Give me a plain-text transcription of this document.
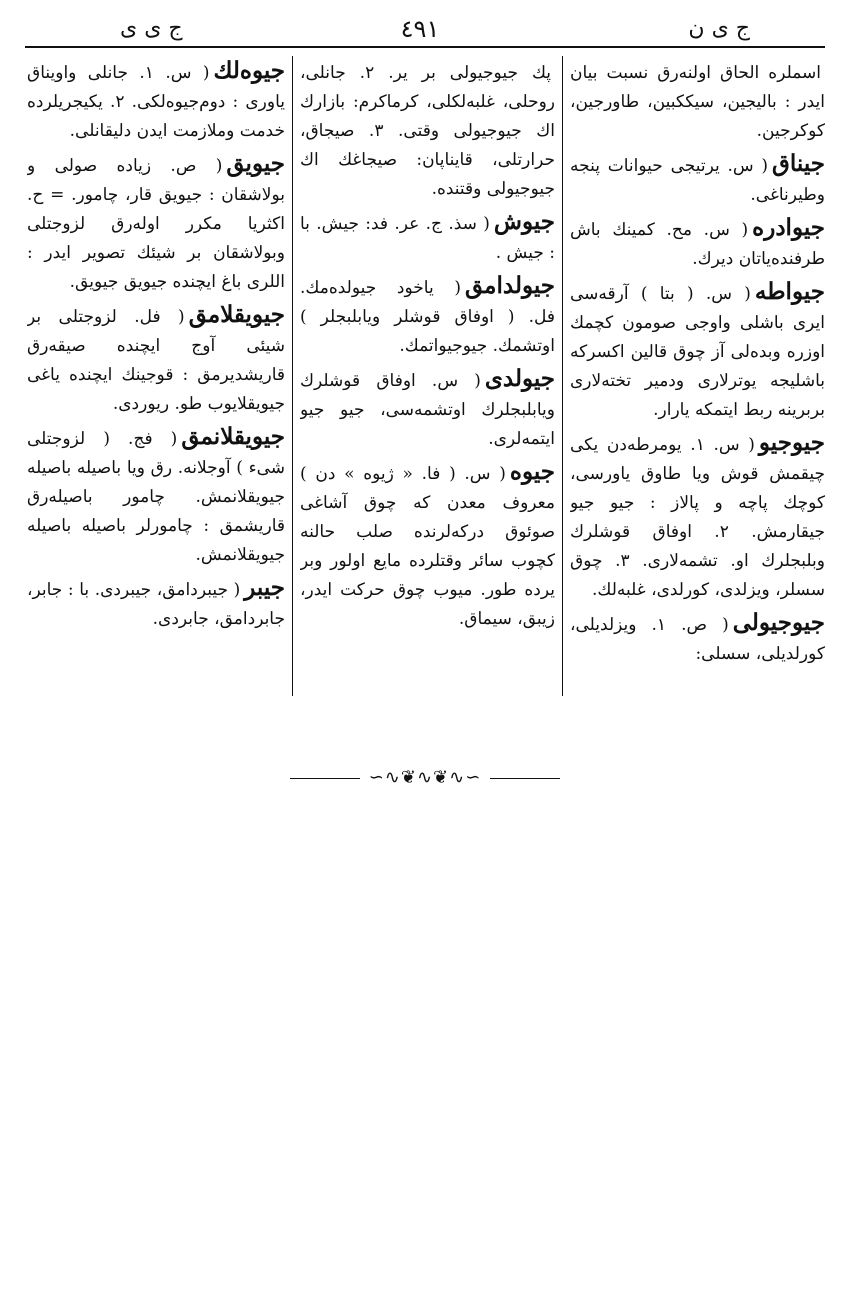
ج ی ن
٤٩١
ج ی ی

اسملره الحاق اولنه‌رق نسبت بیان ایدر : بالیجین، سیککبین، طاورجین، کوکرجین.

جیناق( س. یرتیجی حیوانات پنجه وطیرناغی.

جیوادره( س. مح. کمینك باش طرفنده‌یاتان دیرك.

جیواطه( س. ( بتا ) آرقه‌سی ایری باشلی واوجی صومون کچمك اوزره وبده‌لی آز چوق قالین اکسرکه باشلیجه یوترلاری ودمیر تخته‌لاری بربرینه ربط ایتمکه یارار.

جیوجیو( س. ۱. یومرطه‌دن یکی چیقمش قوش ویا طاوق یاورسی، کوچك پاچه و پالاز : جیو جیو جیقارمش. ۲. اوفاق قوشلرك وبلبجلرك او. تشمه‌لاری. ۳. چوق سسلر، ویزلدی، کورلدی، غلبه‌لك.

جیوجیولی( ص. ۱. ویزلدیلی، کورلدیلی، سسلی:

پك جیوجیولی بر یر. ۲. جانلی، روحلی، غلبه‌لکلی، کرماکرم: بازارك اك جیوجیولی وقتی. ۳. صیجاق، حرارتلی، قایناپان: صیجاغك اك جیوجیولی وقتنده.

جیوش( سذ. ج. عر. فد: جیش. با : جیش .

جیولدامق( یاخود جیولده‌مك. فل. ( اوفاق قوشلر ویابلبجلر ) اوتشمك. جیوجیواتمك.

جیولدی( س. اوفاق قوشلرك ویابلبجلرك اوتشمه‌سی، جیو جیو ایتمه‌لری.

جیوه( س. ( فا. « ژیوه » دن ) معروف معدن که چوق آشاغی صوئوق درکه‌لرنده صلب حالنه کچوب سائر وقتلرده مایع اولور وبر یرده طور. میوب چوق حرکت ایدر، زیبق، سیماق.

جیوه‌لك( س. ۱. جانلی واویناق یاوری : دوم‌جیوه‌لکی. ۲. یکیجریلرده خدمت وملازمت ایدن دلیقانلی.

جیویق( ص. زیاده صولی و بولاشقان : جیویق قار، چامور. = ح. اکثریا مکرر اوله‌رق لزوجتلی وبولاشقان بر شیئك تصویر ایدر : اللری باغ ایچنده جیویق جیویق.

جیویقلامق( فل. لزوجتلی بر شیئی آوج ایچنده صیقه‌رق قاریشدیرمق : قوجینك ایچنده یاغی جیویقلایوب طو. ریوردی.

جیویقلانمق( فج. ( لزوجتلی شیء ) آوجلانه. رق ویا باصیله باصیله جیویقلانمش. چامور باصیله‌رق قاریشمق : چامورلر باصیله باصیله جیویقلانمش.

جیبر( جیبردامق، جیبردی. با : جابر، جابردامق، جابردی.

∽∿❦∿❦∿∽
